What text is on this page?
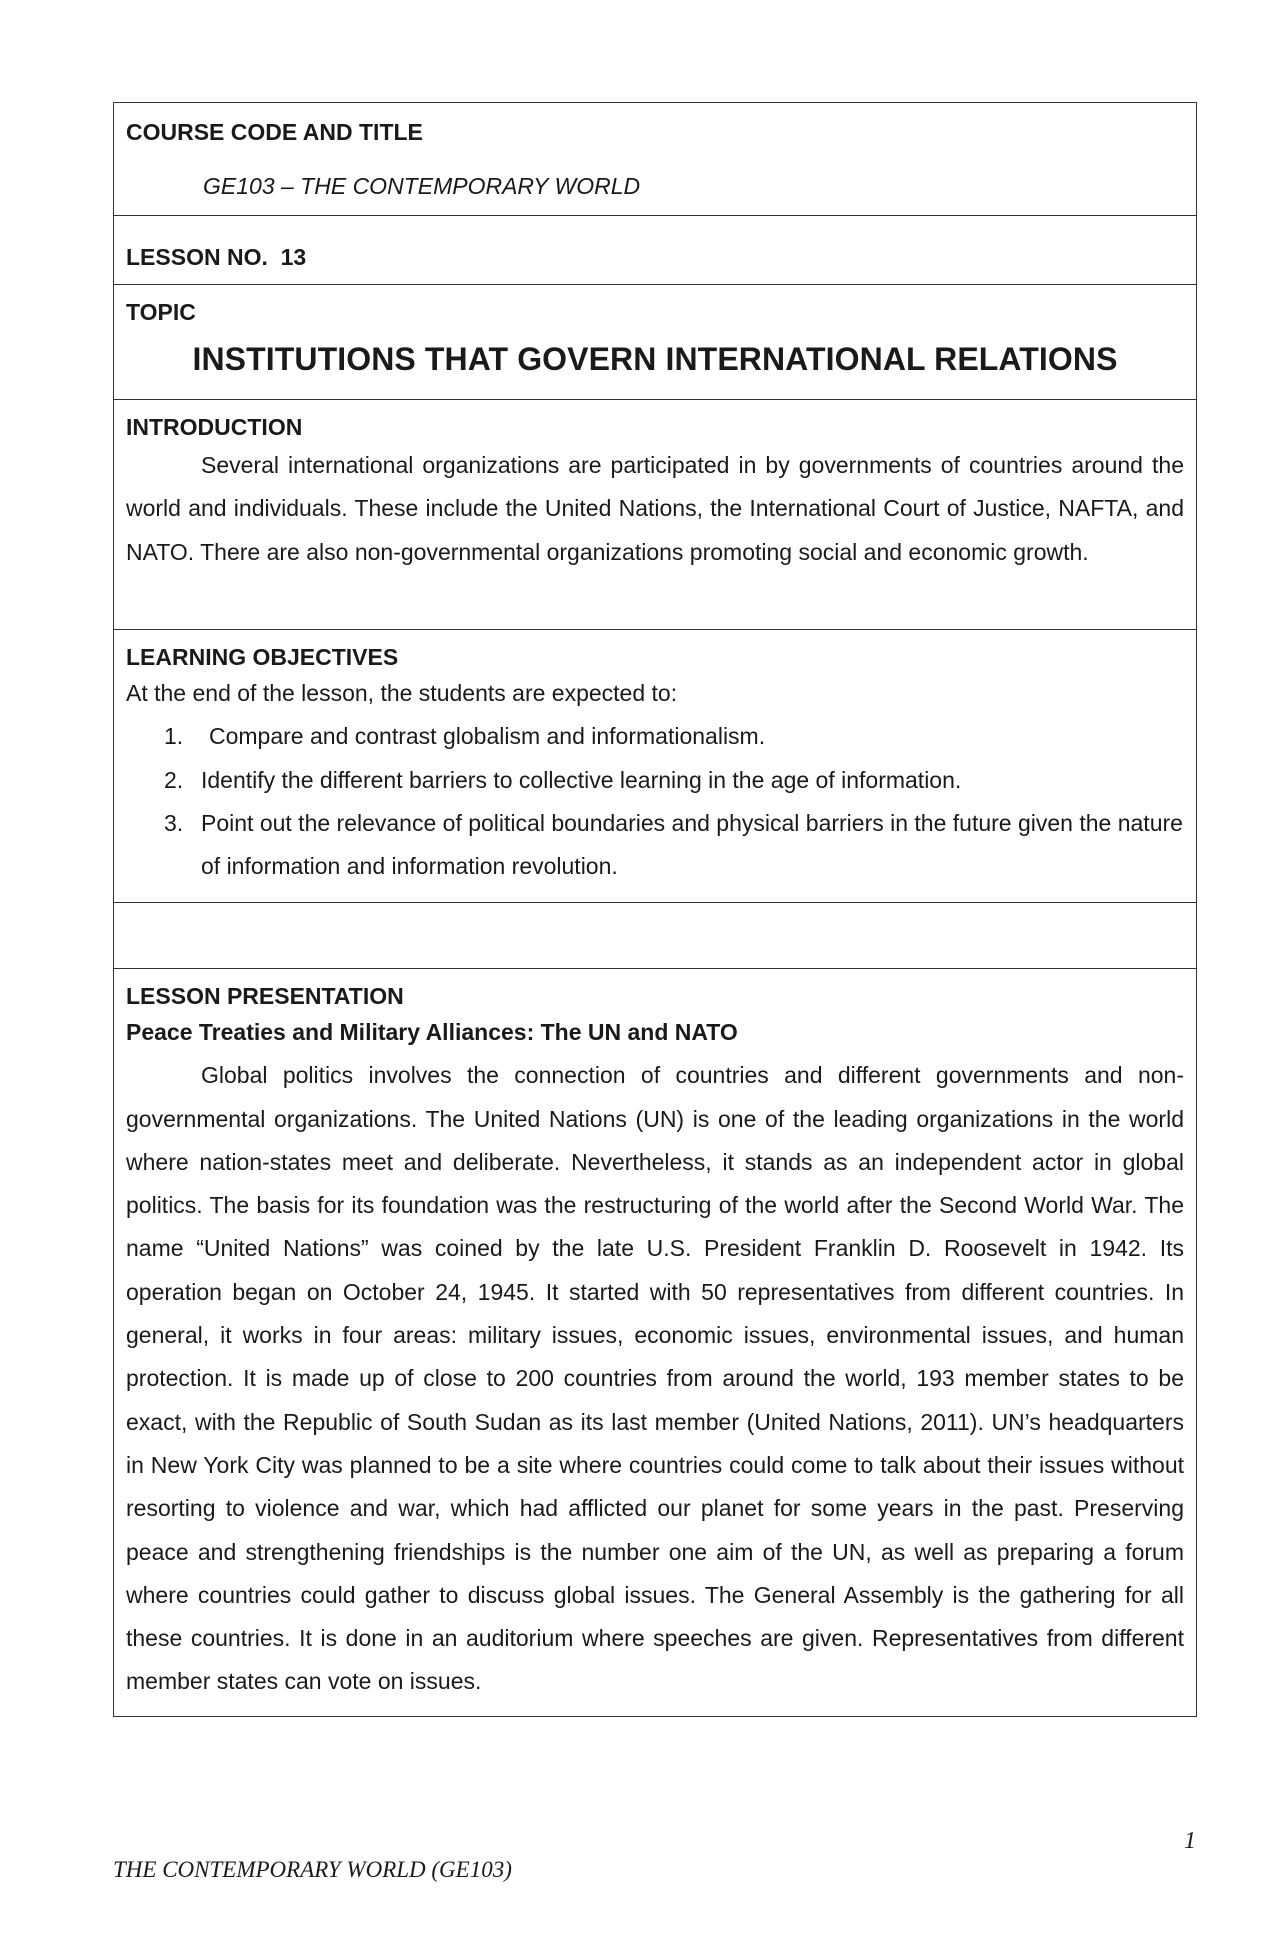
COURSE CODE AND TITLE
GE103 – THE CONTEMPORARY WORLD
LESSON NO.  13
TOPIC
INSTITUTIONS THAT GOVERN INTERNATIONAL RELATIONS
INTRODUCTION

Several international organizations are participated in by governments of countries around the world and individuals. These include the United Nations, the International Court of Justice, NAFTA, and NATO. There are also non-governmental organizations promoting social and economic growth.

LEARNING OBJECTIVES
At the end of the lesson, the students are expected to:
1.	Compare and contrast globalism and informationalism.
2. Identify the different barriers to collective learning in the age of information.
3. Point out the relevance of political boundaries and physical barriers in the future given the nature of information and information revolution.
LESSON PRESENTATION
Peace Treaties and Military Alliances: The UN and NATO

Global politics involves the connection of countries and different governments and non-governmental organizations. The United Nations (UN) is one of the leading organizations in the world where nation-states meet and deliberate. Nevertheless, it stands as an independent actor in global politics. The basis for its foundation was the restructuring of the world after the Second World War. The name “United Nations” was coined by the late U.S. President Franklin D. Roosevelt in 1942. Its operation began on October 24, 1945. It started with 50 representatives from different countries. In general, it works in four areas: military issues, economic issues, environmental issues, and human protection. It is made up of close to 200 countries from around the world, 193 member states to be exact, with the Republic of South Sudan as its last member (United Nations, 2011). UN’s headquarters in New York City was planned to be a site where countries could come to talk about their issues without resorting to violence and war, which had afflicted our planet for some years in the past. Preserving peace and strengthening friendships is the number one aim of the UN, as well as preparing a forum where countries could gather to discuss global issues. The General Assembly is the gathering for all these countries. It is done in an auditorium where speeches are given. Representatives from different member states can vote on issues.

1
THE CONTEMPORARY WORLD (GE103)
